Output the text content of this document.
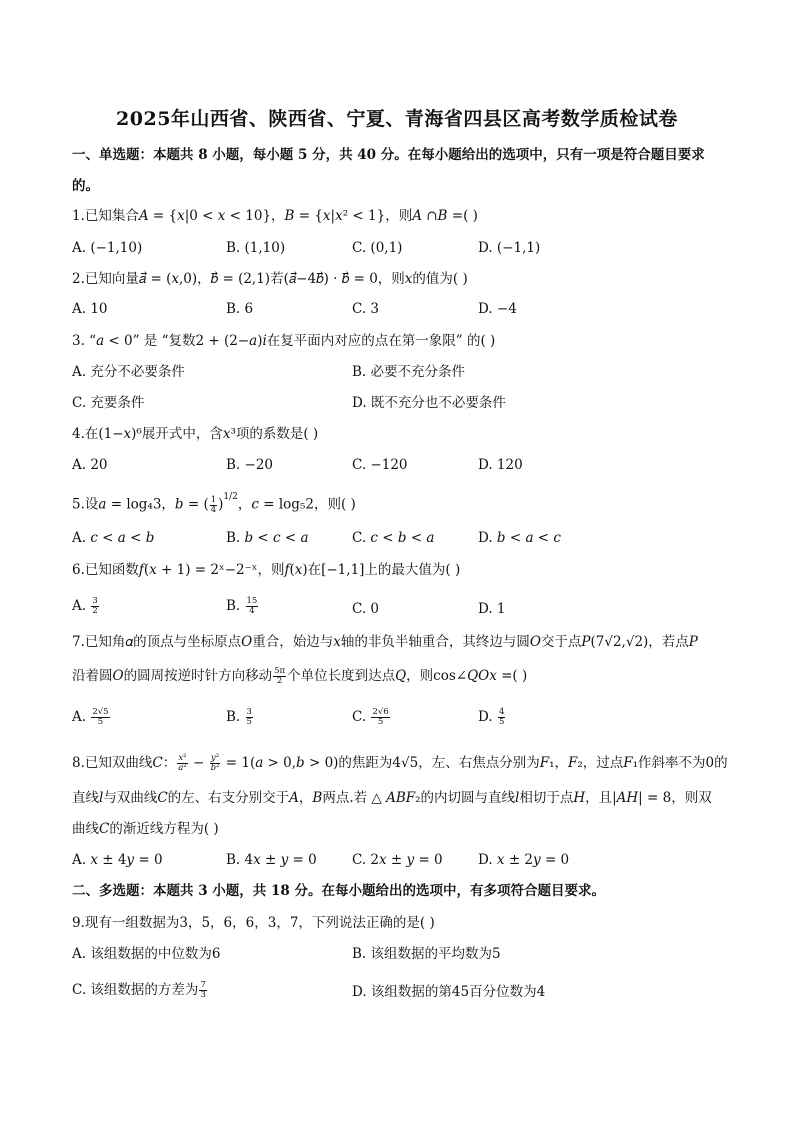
2025年山西省、陕西省、宁夏、青海省四县区高考数学质检试卷
一、单选题：本题共 8 小题，每小题 5 分，共 40 分。在每小题给出的选项中，只有一项是符合题目要求
的。
1.已知集合𝐴 = {𝑥|0 < 𝑥 < 10}，𝐵 = {𝑥|𝑥² < 1}，则𝐴 ∩𝐵 =( )
A. (−1,10)	B. (1,10)	C. (0,1)	D. (−1,1)
2.已知向量𝑎⃗ = (𝑥,0)，𝑏⃗ = (2,1)若(𝑎⃗−4𝑏⃗) · 𝑏⃗ = 0，则𝑥的值为( )
A. 10	B. 6	C. 3	D. −4
3. “𝑎 < 0” 是 “复数2 + (2−𝑎)𝑖在复平面内对应的点在第一象限” 的( )
A. 充分不必要条件	B. 必要不充分条件
C. 充要条件	D. 既不充分也不必要条件
4.在(1−𝑥)⁶展开式中，含𝑥³项的系数是( )
A. 20	B. −20	C. −120	D. 120
5.设𝑎 = log₄3，𝑏 = ( $\frac{1}{4} )^{1/2}$，𝑐 = log₅2，则( )
A. 𝑐 < 𝑎 < 𝑏	B. 𝑏 < 𝑐 < 𝑎	C. 𝑐 < 𝑏 < 𝑎	D. 𝑏 < 𝑎 < 𝑐
6.已知函数𝑓(𝑥 + 1) = 2ˣ−2⁻ˣ，则𝑓(𝑥)在[−1,1]上的最大值为( )
A. $\frac{3}{2}$	B. $\frac{15}{4}$	C. 0	D. 1
7.已知角𝛼的顶点与坐标原点𝑂重合，始边与𝑥轴的非负半轴重合，其终边与圆𝑂交于点𝑃(7√2,√2)，若点𝑃
沿着圆𝑂的圆周按逆时针方向移动 $\frac{5\pi}{2}$ 个单位长度到达点𝑄，则cos∠𝑄𝑂𝑥 =( )
A. $\frac{2√5}{5}$	B. $\frac{3}{5}$	C. $\frac{2√6}{5}$	D. $\frac{4}{5}$
8.已知双曲线𝐶： $\frac{\text{𝑥²}}{\text{𝑎²}} - \frac{\text{𝑦²}}{\text{𝑏²}}$ = 1(𝑎 > 0,𝑏 > 0)的焦距为4√5，左、右焦点分别为𝐹₁，𝐹₂，过点𝐹₁作斜率不为0的
直线𝑙与双曲线𝐶的左、右支分别交于𝐴，𝐵两点.若 △ 𝐴𝐵𝐹₂的内切圆与直线𝑙相切于点𝐻，且|𝐴𝐻| = 8，则双
曲线𝐶的渐近线方程为( )
A. 𝑥 ± 4𝑦 = 0	B. 4𝑥 ± 𝑦 = 0	C. 2𝑥 ± 𝑦 = 0	D. 𝑥 ± 2𝑦 = 0
二、多选题：本题共 3 小题，共 18 分。在每小题给出的选项中，有多项符合题目要求。
9.现有一组数据为3，5，6，6，3，7，下列说法正确的是( )
A. 该组数据的中位数为6	B. 该组数据的平均数为5
C. 该组数据的方差为 $\frac{7}{3}$	D. 该组数据的第45百分位数为4
